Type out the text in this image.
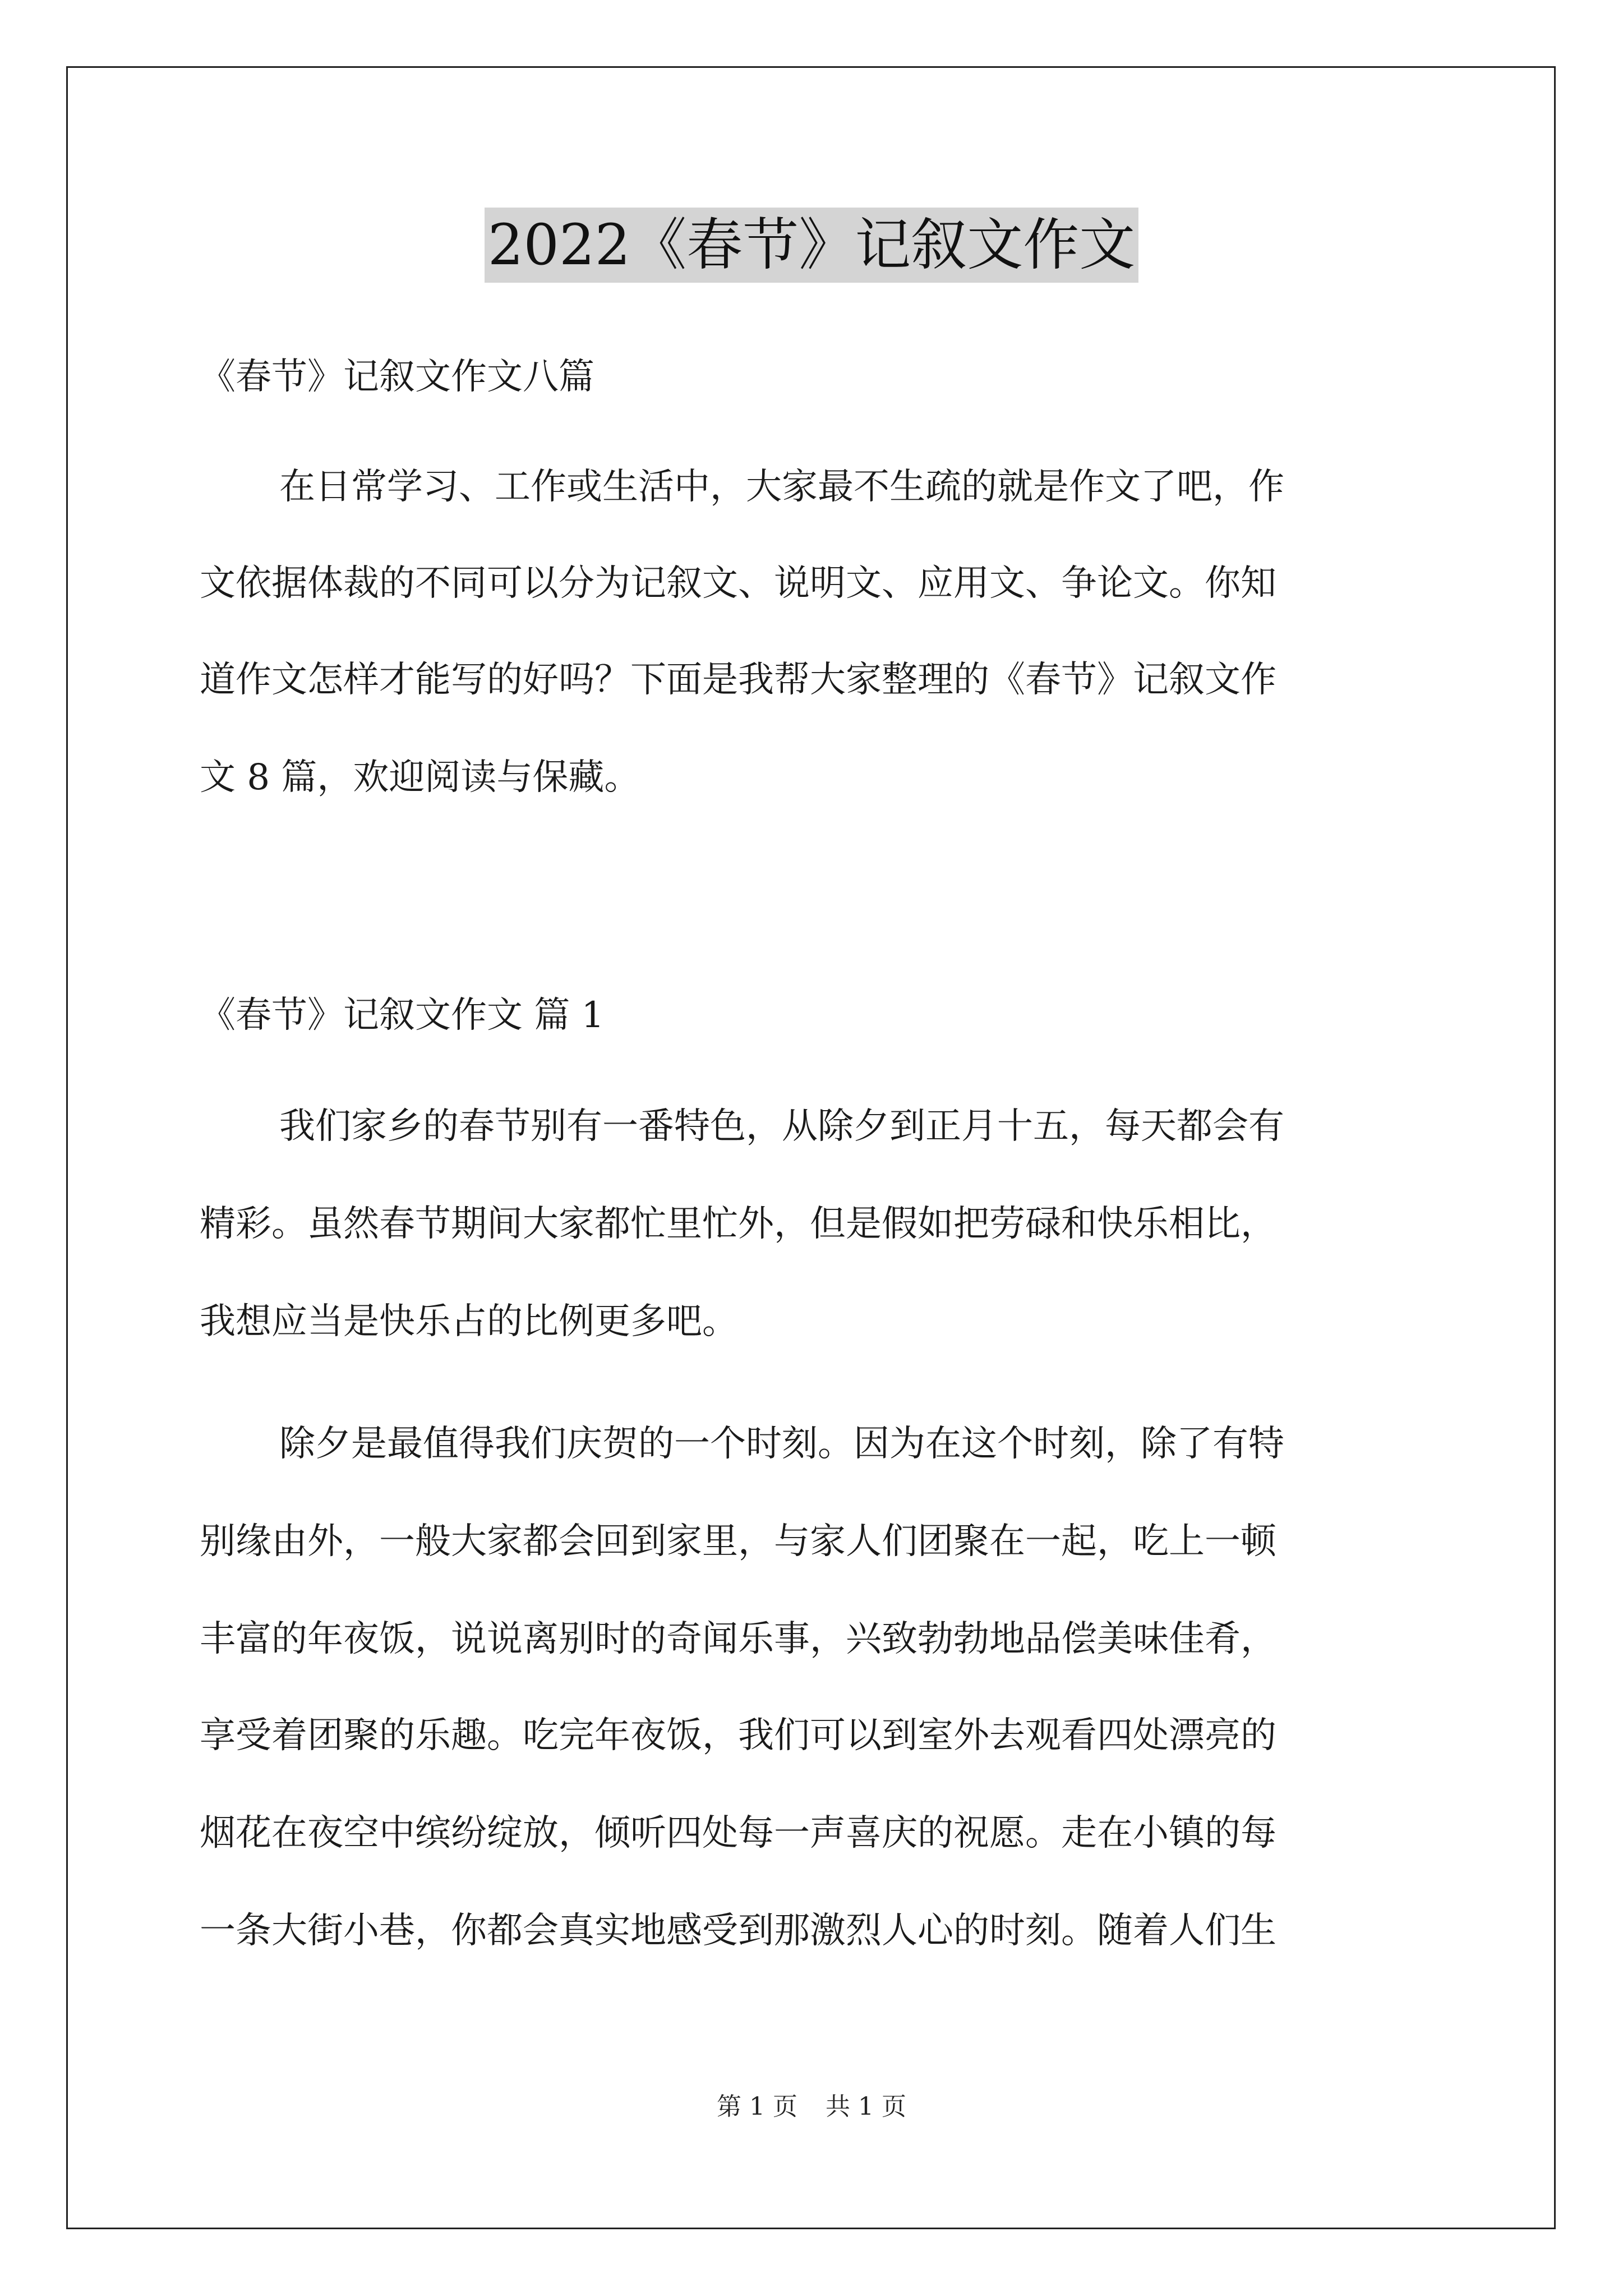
2022《春节》记叙文作文
《春节》记叙文作文八篇
在日常学习、工作或生活中，大家最不生疏的就是作文了吧，作
文依据体裁的不同可以分为记叙文、说明文、应用文、争论文。你知
道作文怎样才能写的好吗？下面是我帮大家整理的《春节》记叙文作
文 8 篇，欢迎阅读与保藏。
《春节》记叙文作文 篇 1
我们家乡的春节别有一番特色，从除夕到正月十五，每天都会有
精彩。虽然春节期间大家都忙里忙外，但是假如把劳碌和快乐相比，
我想应当是快乐占的比例更多吧。
除夕是最值得我们庆贺的一个时刻。因为在这个时刻，除了有特
别缘由外，一般大家都会回到家里，与家人们团聚在一起，吃上一顿
丰富的年夜饭，说说离别时的奇闻乐事，兴致勃勃地品偿美味佳肴，
享受着团聚的乐趣。吃完年夜饭，我们可以到室外去观看四处漂亮的
烟花在夜空中缤纷绽放，倾听四处每一声喜庆的祝愿。走在小镇的每
一条大街小巷，你都会真实地感受到那激烈人心的时刻。随着人们生
第 1 页 共 1 页
